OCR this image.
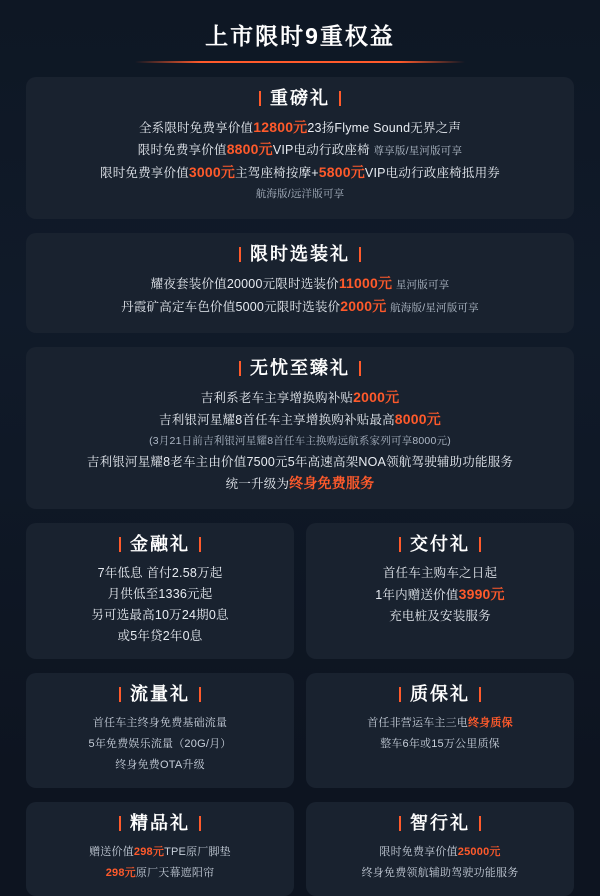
上市限时9重权益
重磅礼
全系限时免费享价值12800元23扬Flyme Sound无界之声
限时免费享价值8800元VIP电动行政座椅 尊享版/星河版可享
限时免费享价值3000元主驾座椅按摩+5800元VIP电动行政座椅抵用券
航海版/远洋版可享
限时选装礼
耀夜套装价值20000元限时选装价11000元 星河版可享
丹霞矿高定车色价值5000元限时选装价2000元 航海版/星河版可享
无忧至臻礼
吉利系老车主享增换购补贴2000元
吉利银河星耀8首任车主享增换购补贴最高8000元
(3月21日前吉利银河星耀8首任车主换购远航系家列可享8000元)
吉利银河星耀8老车主由价值7500元5年高速高架NOA领航驾驶辅助功能服务
统一升级为终身免费服务
金融礼
7年低息 首付2.58万起
月供低至1336元起
另可选最高10万24期0息
或5年贷2年0息
交付礼
首任车主购车之日起
1年内赠送价值3990元
充电桩及安装服务
流量礼
首任车主终身免费基础流量
5年免费娱乐流量（20G/月）
终身免费OTA升级
质保礼
首任非营运车主三电终身质保
整车6年或15万公里质保
精品礼
赠送价值298元TPE原厂脚垫
298元原厂天幕遮阳帘
智行礼
限时免费享价值25000元
终身免费领航辅助驾驶功能服务
